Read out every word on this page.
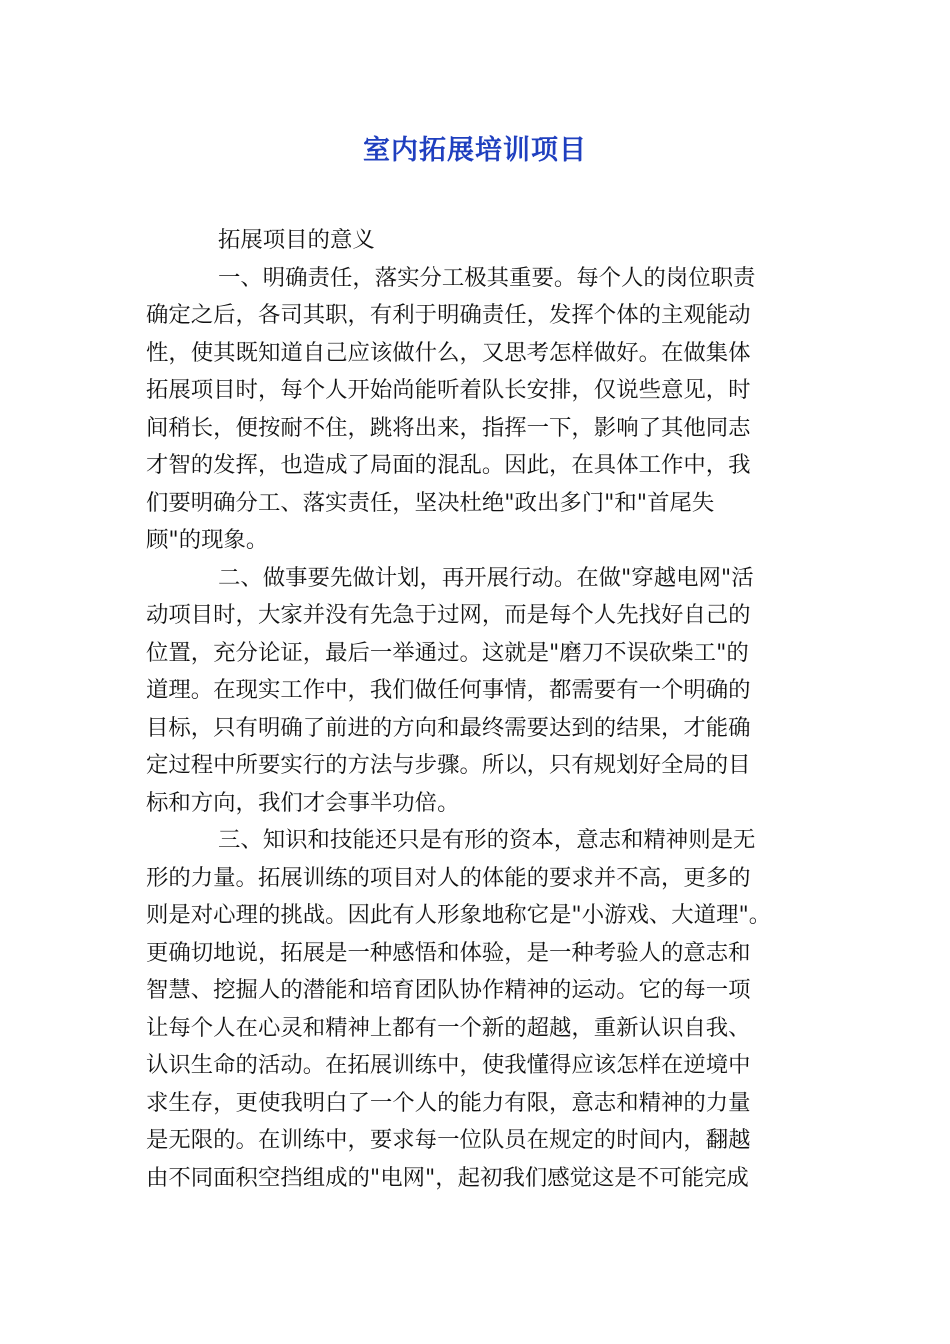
室内拓展培训项目
拓展项目的意义
一、明确责任，落实分工极其重要。每个人的岗位职责
确定之后，各司其职，有利于明确责任，发挥个体的主观能动
性，使其既知道自己应该做什么，又思考怎样做好。在做集体
拓展项目时，每个人开始尚能听着队长安排，仅说些意见，时
间稍长，便按耐不住，跳将出来，指挥一下，影响了其他同志
才智的发挥，也造成了局面的混乱。因此，在具体工作中，我
们要明确分工、落实责任，坚决杜绝"政出多门"和"首尾失
顾"的现象。
二、做事要先做计划，再开展行动。在做"穿越电网"活
动项目时，大家并没有先急于过网，而是每个人先找好自己的
位置，充分论证，最后一举通过。这就是"磨刀不误砍柴工"的
道理。在现实工作中，我们做任何事情，都需要有一个明确的
目标，只有明确了前进的方向和最终需要达到的结果，才能确
定过程中所要实行的方法与步骤。所以，只有规划好全局的目
标和方向，我们才会事半功倍。
三、知识和技能还只是有形的资本，意志和精神则是无
形的力量。拓展训练的项目对人的体能的要求并不高，更多的
则是对心理的挑战。因此有人形象地称它是"小游戏、大道理"。
更确切地说，拓展是一种感悟和体验，是一种考验人的意志和
智慧、挖掘人的潜能和培育团队协作精神的运动。它的每一项
让每个人在心灵和精神上都有一个新的超越，重新认识自我、
认识生命的活动。在拓展训练中，使我懂得应该怎样在逆境中
求生存，更使我明白了一个人的能力有限，意志和精神的力量
是无限的。在训练中，要求每一位队员在规定的时间内，翻越
由不同面积空挡组成的"电网"，起初我们感觉这是不可能完成
